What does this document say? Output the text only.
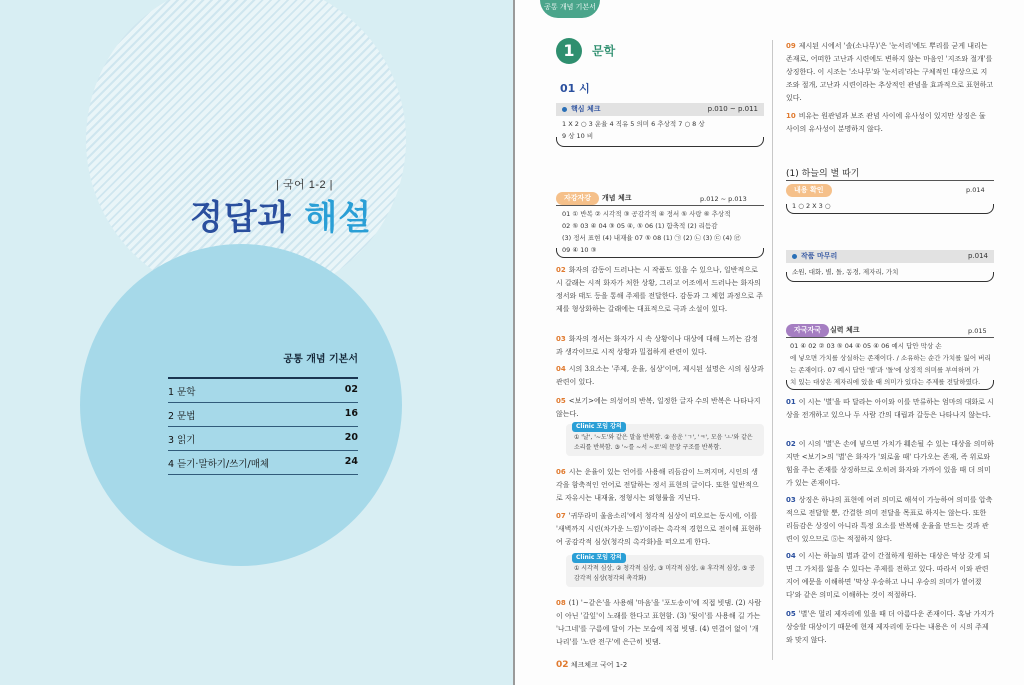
| 국어 1-2 |
정답과 해설
공통 개념 기본서
1 문학	02
2 문법	16
3 읽기	20
4 듣기·말하기/쓰기/매체	24
공통 개념 기본서
1	문학
01 시
핵심 체크	p.010 ~ p.011
1 X 2 ○ 3 운율 4 직유 5 의미 6 추상적 7 ○ 8 상
9 상 10 비
자강자강	개념 체크	p.012 ~ p.013
01 ① 반복 ② 시각적 ③ 공감각적 ④ 정서 ⑤ 사랑 ⑥ 추상적
02 ⑤ 03 ④ 04 ③ 05 ④, ⑤ 06 (1) 함축적 (2) 리듬감
(3) 정서 표현 (4) 내재율 07 ⑤ 08 (1) ㉠ (2) ㉡ (3) ㉢ (4) ㉣
09 ④ 10 ③
02 화자의 감동이 드러나는 시 작품도 있을 수 있으나, 일반적으로 시 갈래는 시적 화자가 처한 상황, 그리고 어조에서 드러나는 화자의 정서와 태도 등을 통해 주제를 전달한다. 감동과 그 체험 과정으로 주제를 형상화하는 갈래에는 대표적으로 극과 소설이 있다.
03 화자의 정서는 화자가 시 속 상황이나 대상에 대해 느끼는 감정과 생각이므로 시적 상황과 밀접하게 관련이 있다.
04 시의 3요소는 '주제, 운율, 심상'이며, 제시된 설명은 시의 심상과 관련이 있다.
05 <보기>에는 의성어의 반복, 일정한 글자 수의 반복은 나타나지 않는다.
Clinic 모임 강의
① '날', '~도'와 같은 말을 반복함. ② 음운 'ㄱ', 'ㅋ', 모음 'ㅗ'와 같은 소리를 반복함. ③ '~를 ~서 ~로'의 문장 구조를 반복함.
06 시는 운율이 있는 언어를 사용해 리듬감이 느껴지며, 시인의 생각을 함축적인 언어로 전달하는 정서 표현의 글이다. 또한 일반적으로 자유시는 내재율, 정형시는 외형률을 지닌다.
07 '귀뚜라미 울음소리'에서 청각적 심상이 떠오르는 동시에, 이를 '새벽까지 시린(차가운 느낌)'이라는 촉각적 경험으로 전이해 표현하여 공감각적 심상(청각의 촉각화)을 떠오르게 한다.
Clinic 모임 강의
① 시각적 심상, ② 청각적 심상, ③ 미각적 심상, ④ 후각적 심상, ⑤ 공감각적 심상(청각의 촉각화)
08 (1) '~같은'을 사용해 '마음'을 '포도송이'에 직접 빗댐. (2) 사람이 아닌 '갈잎'이 노래를 한다고 표현함. (3) '뒷이'를 사용해 길 가는 '나그네'를 구름에 달이 가는 모습에 직접 빗댐. (4) 연결어 없이 '개나리'를 '노란 전구'에 은근히 빗댐.
09 제시된 시에서 '솔(소나무)'은 '눈서리'에도 뿌리를 굳게 내리는 존재로, 어떠한 고난과 시련에도 변하지 않는 마음인 '지조와 절개'를 상징한다. 이 시조는 '소나무'와 '눈서리'라는 구체적인 대상으로 지조와 절개, 고난과 시련이라는 추상적인 관념을 효과적으로 표현하고 있다.
10 비유는 원관념과 보조 관념 사이에 유사성이 있지만 상징은 둘 사이의 유사성이 분명하지 않다.
(1) 하늘의 별 따기
내용 확인	p.014
1 ○ 2 X 3 ○
작품 마무리	p.014
소원, 대화, 별, 돌, 동경, 제자리, 가치
자국자국	실력 체크	p.015
01 ④ 02 ② 03 ⑤ 04 ④ 05 ④ 06 예시 답안 막상 손
에 넣으면 가치를 상실하는 존재이다. / 소유하는 순간 가치를 잃어 버리
는 존재이다. 07 예시 답안 '별'과 '돌'에 상징적 의미를 부여하며 가
치 있는 대상은 제자리에 있을 때 의미가 있다는 주제를 전달하였다.
01 이 시는 '별'을 따 달라는 아이와 이를 만류하는 엄마의 대화로 시상을 전개하고 있으나 두 사람 간의 대립과 갈등은 나타나지 않는다.
02 이 시의 '별'은 손에 넣으면 가치가 훼손될 수 있는 대상을 의미하지만 <보기>의 '별'은 화자가 '외로울 때' 다가오는 존재, 즉 위로와 힘을 주는 존재를 상징하므로 오히려 화자와 가까이 있을 때 더 의미가 있는 존재이다.
03 상징은 하나의 표현에 여러 의미로 해석이 가능하여 의미를 압축적으로 전달할 뿐, 간결한 의미 전달을 목표로 하지는 않는다. 또한 리듬감은 상징이 아니라 특정 요소를 반복해 운율을 만드는 것과 관련이 있으므로 ⑤는 적절하지 않다.
04 이 시는 하늘의 별과 같이 간절하게 원하는 대상은 막상 갖게 되면 그 가치를 잃을 수 있다는 주제를 전하고 있다. 따라서 이와 관련지어 예문을 이해하면 '막상 우승하고 나니 우승의 의미가 옅어졌다'와 같은 의미로 이해하는 것이 적절하다.
05 '별'은 멀리 제자리에 있을 때 더 아름다운 존재이다. 혹남 가지가 상승할 대상이기 때문에 현재 제자리에 둔다는 내용은 이 시의 주제와 맞지 않다.
02 체크체크 국어 1-2
